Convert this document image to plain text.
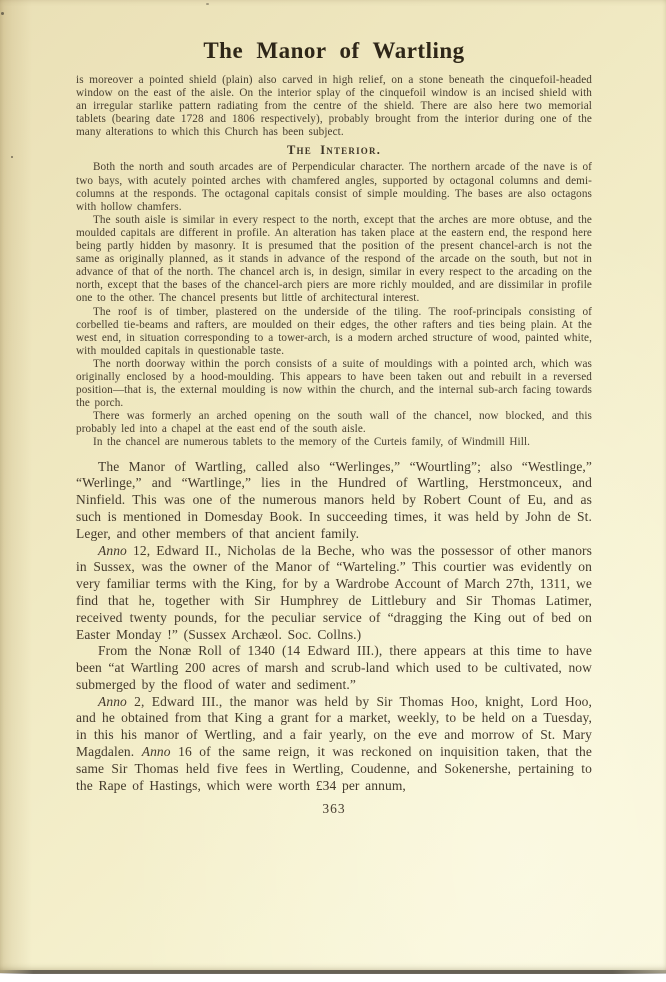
The Manor of Wartling

is moreover a pointed shield (plain) also carved in high relief, on a stone beneath the cinquefoil-headed window on the east of the aisle. On the interior splay of the cinquefoil window is an incised shield with an irregular starlike pattern radiating from the centre of the shield. There are also here two memorial tablets (bearing date 1728 and 1806 respectively), probably brought from the interior during one of the many alterations to which this Church has been subject.

The Interior.

Both the north and south arcades are of Perpendicular character. The northern arcade of the nave is of two bays, with acutely pointed arches with chamfered angles, supported by octagonal columns and demi-columns at the responds. The octagonal capitals consist of simple moulding. The bases are also octagons with hollow chamfers.

The south aisle is similar in every respect to the north, except that the arches are more obtuse, and the moulded capitals are different in profile. An alteration has taken place at the eastern end, the respond here being partly hidden by masonry. It is presumed that the position of the present chancel-arch is not the same as originally planned, as it stands in advance of the respond of the arcade on the south, but not in advance of that of the north. The chancel arch is, in design, similar in every respect to the arcading on the north, except that the bases of the chancel-arch piers are more richly moulded, and are dissimilar in profile one to the other. The chancel presents but little of architectural interest.

The roof is of timber, plastered on the underside of the tiling. The roof-principals consisting of corbelled tie-beams and rafters, are moulded on their edges, the other rafters and ties being plain. At the west end, in situation corresponding to a tower-arch, is a modern arched structure of wood, painted white, with moulded capitals in questionable taste.

The north doorway within the porch consists of a suite of mouldings with a pointed arch, which was originally enclosed by a hood-moulding. This appears to have been taken out and rebuilt in a reversed position—that is, the external moulding is now within the church, and the internal sub-arch facing towards the porch.

There was formerly an arched opening on the south wall of the chancel, now blocked, and this probably led into a chapel at the east end of the south aisle.

In the chancel are numerous tablets to the memory of the Curteis family, of Windmill Hill.

The Manor of Wartling, called also “Werlinges,” “Wourtling”; also “Westlinge,” “Werlinge,” and “Wartlinge,” lies in the Hundred of Wartling, Herstmonceux, and Ninfield. This was one of the numerous manors held by Robert Count of Eu, and as such is mentioned in Domesday Book. In succeeding times, it was held by John de St. Leger, and other members of that ancient family.

Anno 12, Edward II., Nicholas de la Beche, who was the possessor of other manors in Sussex, was the owner of the Manor of “Warteling.” This courtier was evidently on very familiar terms with the King, for by a Wardrobe Account of March 27th, 1311, we find that he, together with Sir Humphrey de Littlebury and Sir Thomas Latimer, received twenty pounds, for the peculiar service of “dragging the King out of bed on Easter Monday !” (Sussex Archæol. Soc. Collns.)

From the Nonæ Roll of 1340 (14 Edward III.), there appears at this time to have been “at Wartling 200 acres of marsh and scrub-land which used to be cultivated, now submerged by the flood of water and sediment.”

Anno 2, Edward III., the manor was held by Sir Thomas Hoo, knight, Lord Hoo, and he obtained from that King a grant for a market, weekly, to be held on a Tuesday, in this his manor of Wertling, and a fair yearly, on the eve and morrow of St. Mary Magdalen. Anno 16 of the same reign, it was reckoned on inquisition taken, that the same Sir Thomas held five fees in Wertling, Coudenne, and Sokenershe, pertaining to the Rape of Hastings, which were worth £34 per annum,

363
